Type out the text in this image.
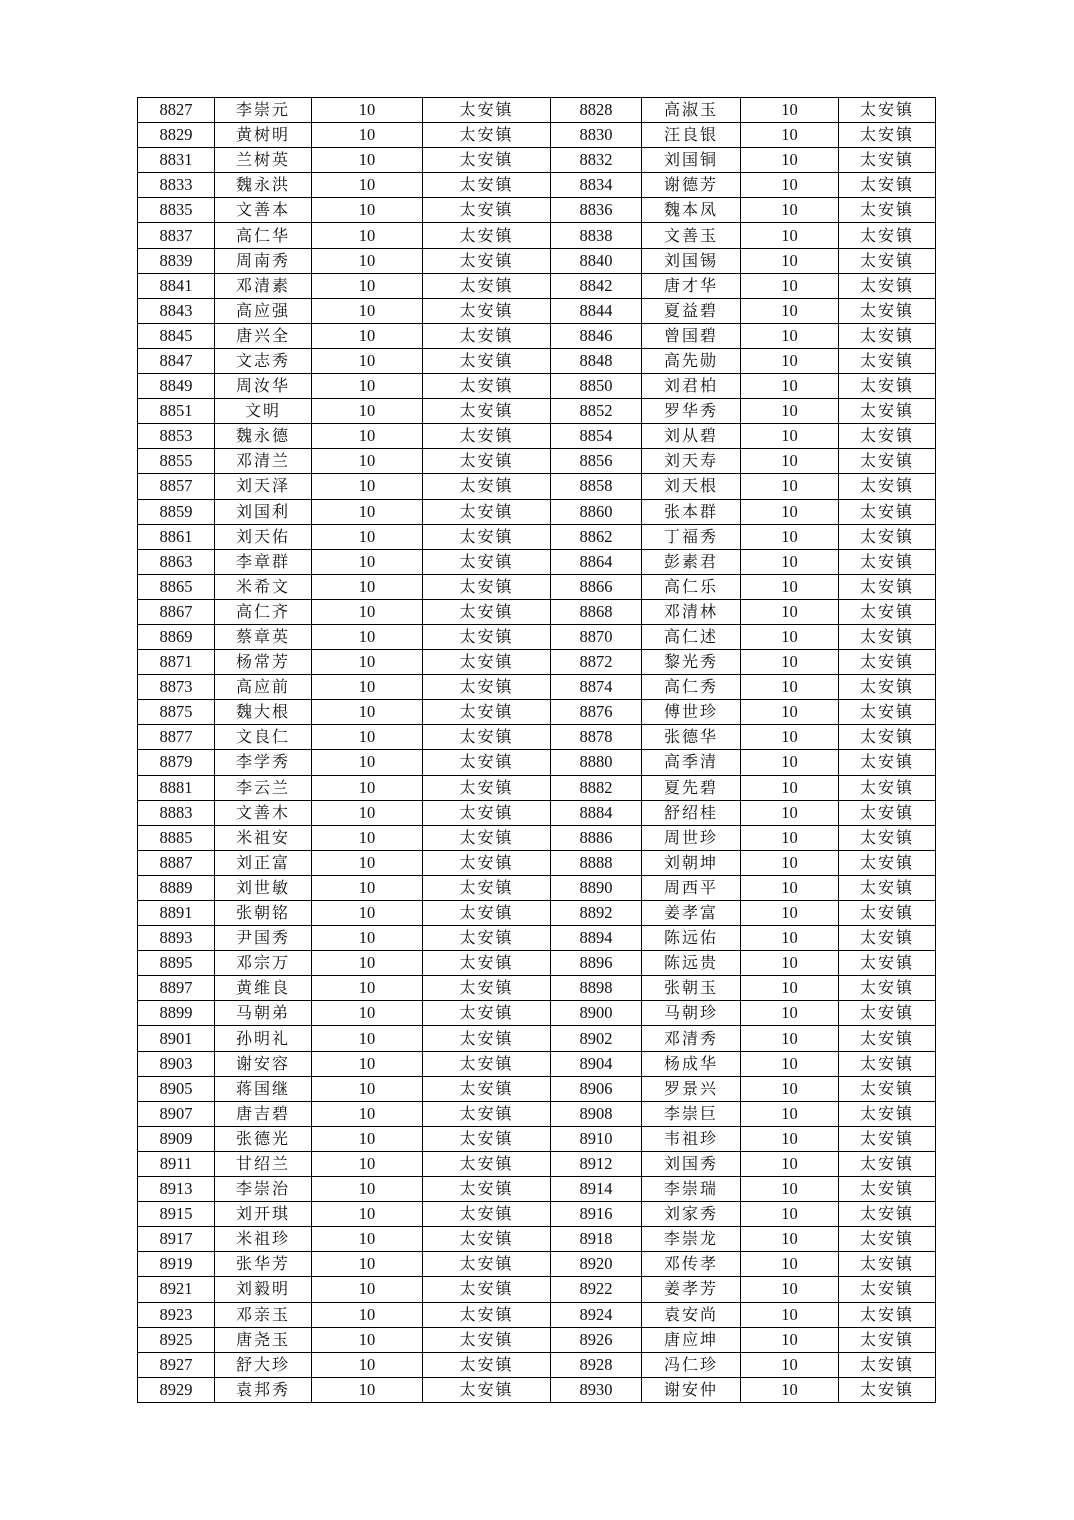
8827	李崇元	10	太安镇	8828	高淑玉	10	太安镇
8829	黄树明	10	太安镇	8830	汪良银	10	太安镇
8831	兰树英	10	太安镇	8832	刘国铜	10	太安镇
8833	魏永洪	10	太安镇	8834	谢德芳	10	太安镇
8835	文善本	10	太安镇	8836	魏本凤	10	太安镇
8837	高仁华	10	太安镇	8838	文善玉	10	太安镇
8839	周南秀	10	太安镇	8840	刘国锡	10	太安镇
8841	邓清素	10	太安镇	8842	唐才华	10	太安镇
8843	高应强	10	太安镇	8844	夏益碧	10	太安镇
8845	唐兴全	10	太安镇	8846	曾国碧	10	太安镇
8847	文志秀	10	太安镇	8848	高先勋	10	太安镇
8849	周汝华	10	太安镇	8850	刘君柏	10	太安镇
8851	文明	10	太安镇	8852	罗华秀	10	太安镇
8853	魏永德	10	太安镇	8854	刘从碧	10	太安镇
8855	邓清兰	10	太安镇	8856	刘天寿	10	太安镇
8857	刘天泽	10	太安镇	8858	刘天根	10	太安镇
8859	刘国利	10	太安镇	8860	张本群	10	太安镇
8861	刘天佑	10	太安镇	8862	丁福秀	10	太安镇
8863	李章群	10	太安镇	8864	彭素君	10	太安镇
8865	米希文	10	太安镇	8866	高仁乐	10	太安镇
8867	高仁齐	10	太安镇	8868	邓清林	10	太安镇
8869	蔡章英	10	太安镇	8870	高仁述	10	太安镇
8871	杨常芳	10	太安镇	8872	黎光秀	10	太安镇
8873	高应前	10	太安镇	8874	高仁秀	10	太安镇
8875	魏大根	10	太安镇	8876	傅世珍	10	太安镇
8877	文良仁	10	太安镇	8878	张德华	10	太安镇
8879	李学秀	10	太安镇	8880	高季清	10	太安镇
8881	李云兰	10	太安镇	8882	夏先碧	10	太安镇
8883	文善木	10	太安镇	8884	舒绍桂	10	太安镇
8885	米祖安	10	太安镇	8886	周世珍	10	太安镇
8887	刘正富	10	太安镇	8888	刘朝坤	10	太安镇
8889	刘世敏	10	太安镇	8890	周西平	10	太安镇
8891	张朝铭	10	太安镇	8892	姜孝富	10	太安镇
8893	尹国秀	10	太安镇	8894	陈远佑	10	太安镇
8895	邓宗万	10	太安镇	8896	陈远贵	10	太安镇
8897	黄维良	10	太安镇	8898	张朝玉	10	太安镇
8899	马朝弟	10	太安镇	8900	马朝珍	10	太安镇
8901	孙明礼	10	太安镇	8902	邓清秀	10	太安镇
8903	谢安容	10	太安镇	8904	杨成华	10	太安镇
8905	蒋国继	10	太安镇	8906	罗景兴	10	太安镇
8907	唐吉碧	10	太安镇	8908	李崇巨	10	太安镇
8909	张德光	10	太安镇	8910	韦祖珍	10	太安镇
8911	甘绍兰	10	太安镇	8912	刘国秀	10	太安镇
8913	李崇治	10	太安镇	8914	李崇瑞	10	太安镇
8915	刘开琪	10	太安镇	8916	刘家秀	10	太安镇
8917	米祖珍	10	太安镇	8918	李崇龙	10	太安镇
8919	张华芳	10	太安镇	8920	邓传孝	10	太安镇
8921	刘毅明	10	太安镇	8922	姜孝芳	10	太安镇
8923	邓亲玉	10	太安镇	8924	袁安尚	10	太安镇
8925	唐尧玉	10	太安镇	8926	唐应坤	10	太安镇
8927	舒大珍	10	太安镇	8928	冯仁珍	10	太安镇
8929	袁邦秀	10	太安镇	8930	谢安仲	10	太安镇
